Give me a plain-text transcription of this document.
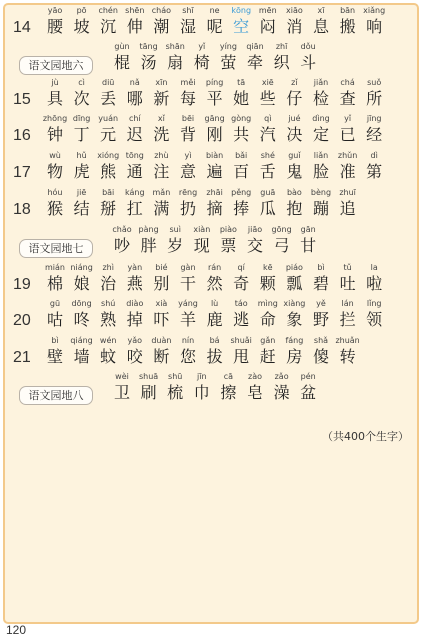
14
yāo
腰
pō
坡
chén
沉
shēn
伸
cháo
潮
shī
湿
ne
呢
kōng
空
mēn
闷
xiāo
消
xī
息
bān
搬
xiǎng
响
语文园地六
gùn
棍
tāng
汤
shān
扇
yǐ
椅
yíng
萤
qiān
牵
zhī
织
dǒu
斗
15
jù
具
cì
次
diū
丢
nǎ
哪
xīn
新
měi
每
píng
平
tā
她
xiē
些
zǐ
仔
jiǎn
检
chá
查
suǒ
所
16
zhōng
钟
dīng
丁
yuán
元
chí
迟
xǐ
洗
bēi
背
gāng
刚
gòng
共
qì
汽
jué
决
dìng
定
yǐ
已
jīng
经
17
wù
物
hǔ
虎
xióng
熊
tōng
通
zhù
注
yì
意
biàn
遍
bǎi
百
shé
舌
guǐ
鬼
liǎn
脸
zhǔn
准
dì
第
18
hóu
猴
jiē
结
bāi
掰
káng
扛
mǎn
满
rēng
扔
zhāi
摘
pěng
捧
guā
瓜
bào
抱
bèng
蹦
zhuī
追
语文园地七
chǎo
吵
pàng
胖
suì
岁
xiàn
现
piào
票
jiāo
交
gōng
弓
gān
甘
19
mián
棉
niáng
娘
zhì
治
yàn
燕
bié
别
gàn
干
rán
然
qí
奇
kē
颗
piáo
瓢
bì
碧
tǔ
吐
la
啦
20
gū
咕
dōng
咚
shú
熟
diào
掉
xià
吓
yáng
羊
lù
鹿
táo
逃
mìng
命
xiàng
象
yě
野
lán
拦
lǐng
领
21
bì
壁
qiáng
墙
wén
蚊
yǎo
咬
duàn
断
nín
您
bá
拔
shuǎi
甩
gǎn
赶
fáng
房
shǎ
傻
zhuǎn
转
语文园地八
wèi
卫
shuā
刷
shū
梳
jīn
巾
cā
擦
zào
皂
zǎo
澡
pén
盆
（共400个生字）
120
